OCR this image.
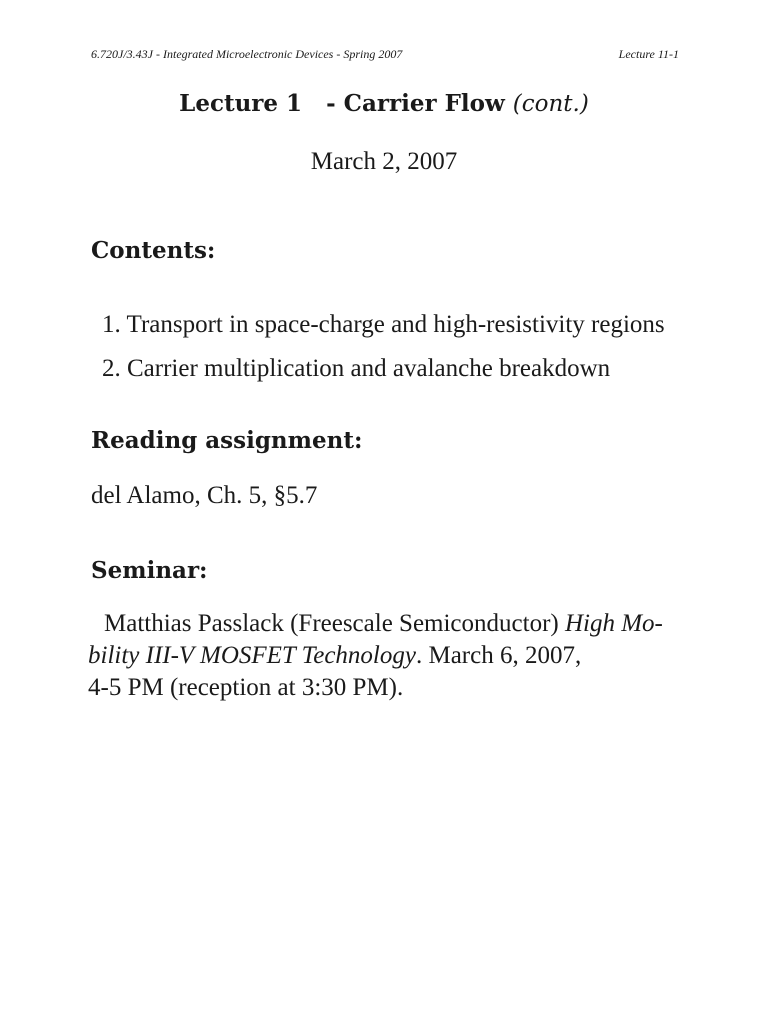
6.720J/3.43J - Integrated Microelectronic Devices - Spring 2007	Lecture 11-1
Lecture 1   - Carrier Flow (cont.)
March 2, 2007
Contents:
1. Transport in space-charge and high-resistivity regions
2. Carrier multiplication and avalanche breakdown
Reading assignment:
del Alamo, Ch. 5, §5.7
Seminar:
Matthias Passlack (Freescale Semiconductor) High Mo-
bility III-V MOSFET Technology. March 6, 2007,
4-5 PM (reception at 3:30 PM).
